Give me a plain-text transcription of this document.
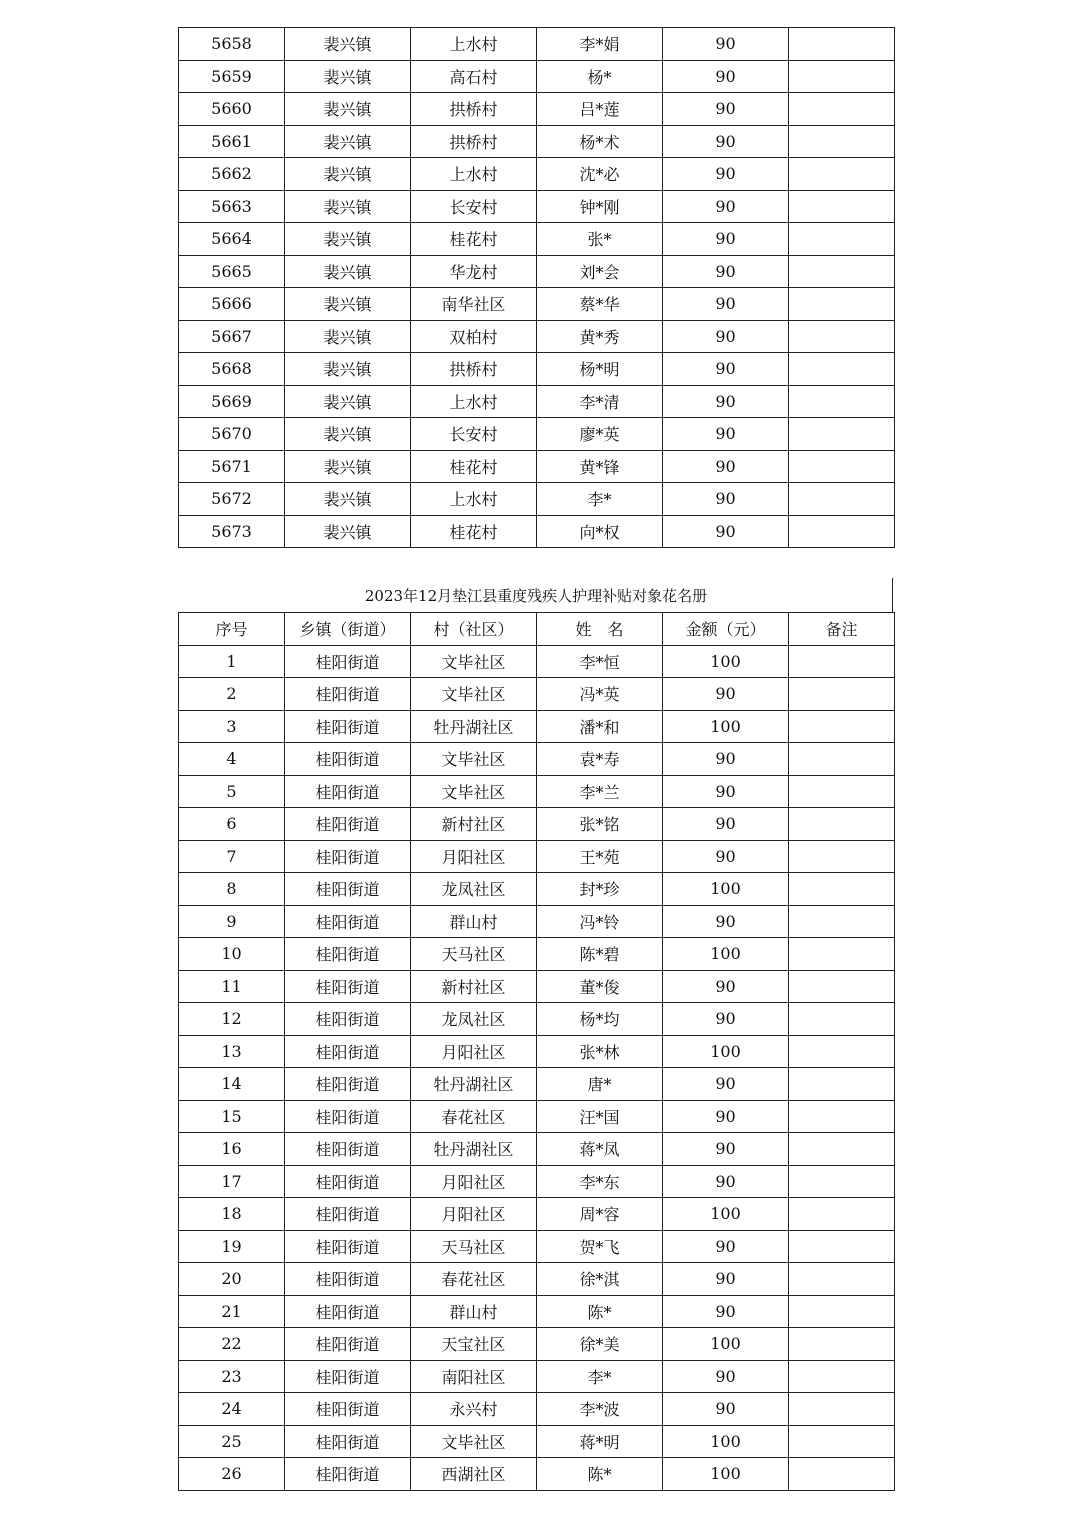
5658	裴兴镇	上水村	李*娟	90	
5659	裴兴镇	高石村	杨*	90	
5660	裴兴镇	拱桥村	吕*莲	90	
5661	裴兴镇	拱桥村	杨*术	90	
5662	裴兴镇	上水村	沈*必	90	
5663	裴兴镇	长安村	钟*刚	90	
5664	裴兴镇	桂花村	张*	90	
5665	裴兴镇	华龙村	刘*会	90	
5666	裴兴镇	南华社区	蔡*华	90	
5667	裴兴镇	双柏村	黄*秀	90	
5668	裴兴镇	拱桥村	杨*明	90	
5669	裴兴镇	上水村	李*清	90	
5670	裴兴镇	长安村	廖*英	90	
5671	裴兴镇	桂花村	黄*锋	90	
5672	裴兴镇	上水村	李*	90	
5673	裴兴镇	桂花村	向*权	90	
2023年12月垫江县重度残疾人护理补贴对象花名册
序号	乡镇（街道）	村（社区）	姓　名	金额（元）	备注
1	桂阳街道	文毕社区	李*恒	100	
2	桂阳街道	文毕社区	冯*英	90	
3	桂阳街道	牡丹湖社区	潘*和	100	
4	桂阳街道	文毕社区	袁*寿	90	
5	桂阳街道	文毕社区	李*兰	90	
6	桂阳街道	新村社区	张*铭	90	
7	桂阳街道	月阳社区	王*苑	90	
8	桂阳街道	龙凤社区	封*珍	100	
9	桂阳街道	群山村	冯*铃	90	
10	桂阳街道	天马社区	陈*碧	100	
11	桂阳街道	新村社区	董*俊	90	
12	桂阳街道	龙凤社区	杨*均	90	
13	桂阳街道	月阳社区	张*林	100	
14	桂阳街道	牡丹湖社区	唐*	90	
15	桂阳街道	春花社区	汪*国	90	
16	桂阳街道	牡丹湖社区	蒋*凤	90	
17	桂阳街道	月阳社区	李*东	90	
18	桂阳街道	月阳社区	周*容	100	
19	桂阳街道	天马社区	贺*飞	90	
20	桂阳街道	春花社区	徐*淇	90	
21	桂阳街道	群山村	陈*	90	
22	桂阳街道	天宝社区	徐*美	100	
23	桂阳街道	南阳社区	李*	90	
24	桂阳街道	永兴村	李*波	90	
25	桂阳街道	文毕社区	蒋*明	100	
26	桂阳街道	西湖社区	陈*	100	
